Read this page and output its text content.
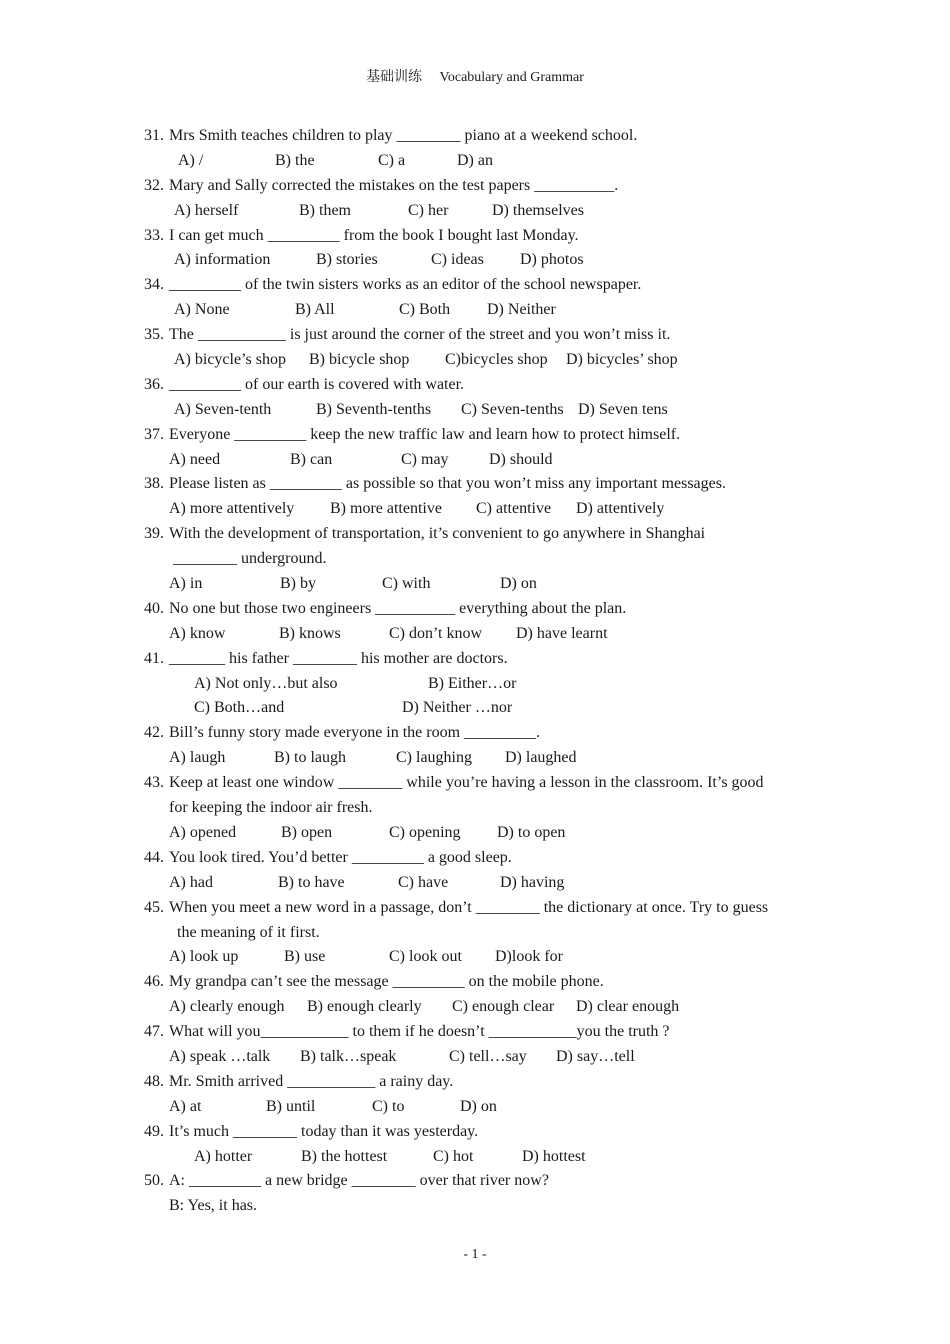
基础训练     Vocabulary and Grammar
31. Mrs Smith teaches children to play ________ piano at a weekend school.
A) /	B) the	C) a	D) an
32. Mary and Sally corrected the mistakes on the test papers __________.
A) herself	B) them	C) her	D) themselves
33. I can get much _________ from the book I bought last Monday.
A) information	B) stories	C) ideas D) photos
34. _________ of the twin sisters works as an editor of the school newspaper.
A) None	B) All	C) Both D) Neither
35. The ___________ is just around the corner of the street and you won’t miss it.
A) bicycle’s shop B) bicycle shop C)bicycles shop D) bicycles’ shop
36. _________ of our earth is covered with water.
A) Seven-tenth	B) Seventh-tenths C) Seven-tenths D) Seven tens
37. Everyone _________ keep the new traffic law and learn how to protect himself.
A) need	B) can	C) may	D) should
38. Please listen as _________ as possible so that you won’t miss any important messages.
A) more attentively B) more attentive C) attentive D) attentively
39. With the development of transportation, it’s convenient to go anywhere in Shanghai
________ underground.
A) in	B) by	C) with	D) on
40. No one but those two engineers __________ everything about the plan.
A) know	B) knows	C) don’t know D) have learnt
41. _______ his father ________ his mother are doctors.
A) Not only…but also	B) Either…or
C) Both…and	D) Neither …nor
42. Bill’s funny story made everyone in the room _________.
A) laugh	B) to laugh	C) laughing D) laughed
43. Keep at least one window ________ while you’re having a lesson in the classroom. It’s good
for keeping the indoor air fresh.
A) opened	B) open	C) opening D) to open
44. You look tired. You’d better _________ a good sleep.
A) had	B) to have	C) have	D) having
45. When you meet a new word in a passage, don’t ________ the dictionary at once. Try to guess
the meaning of it first.
A) look up	B) use	C) look out D)look for
46. My grandpa can’t see the message _________ on the mobile phone.
A) clearly enough B) enough clearly C) enough clear D) clear enough
47. What will you___________ to them if he doesn’t ___________you the truth ?
A) speak …talk B) talk…speak	C) tell…say D) say…tell
48. Mr. Smith arrived ___________ a rainy day.
A) at	B) until	C) to	D) on
49. It’s much ________ today than it was yesterday.
A) hotter	B) the hottest	C) hot	D) hottest
50. A: _________ a new bridge ________ over that river now?
B: Yes, it has.
- 1 -
